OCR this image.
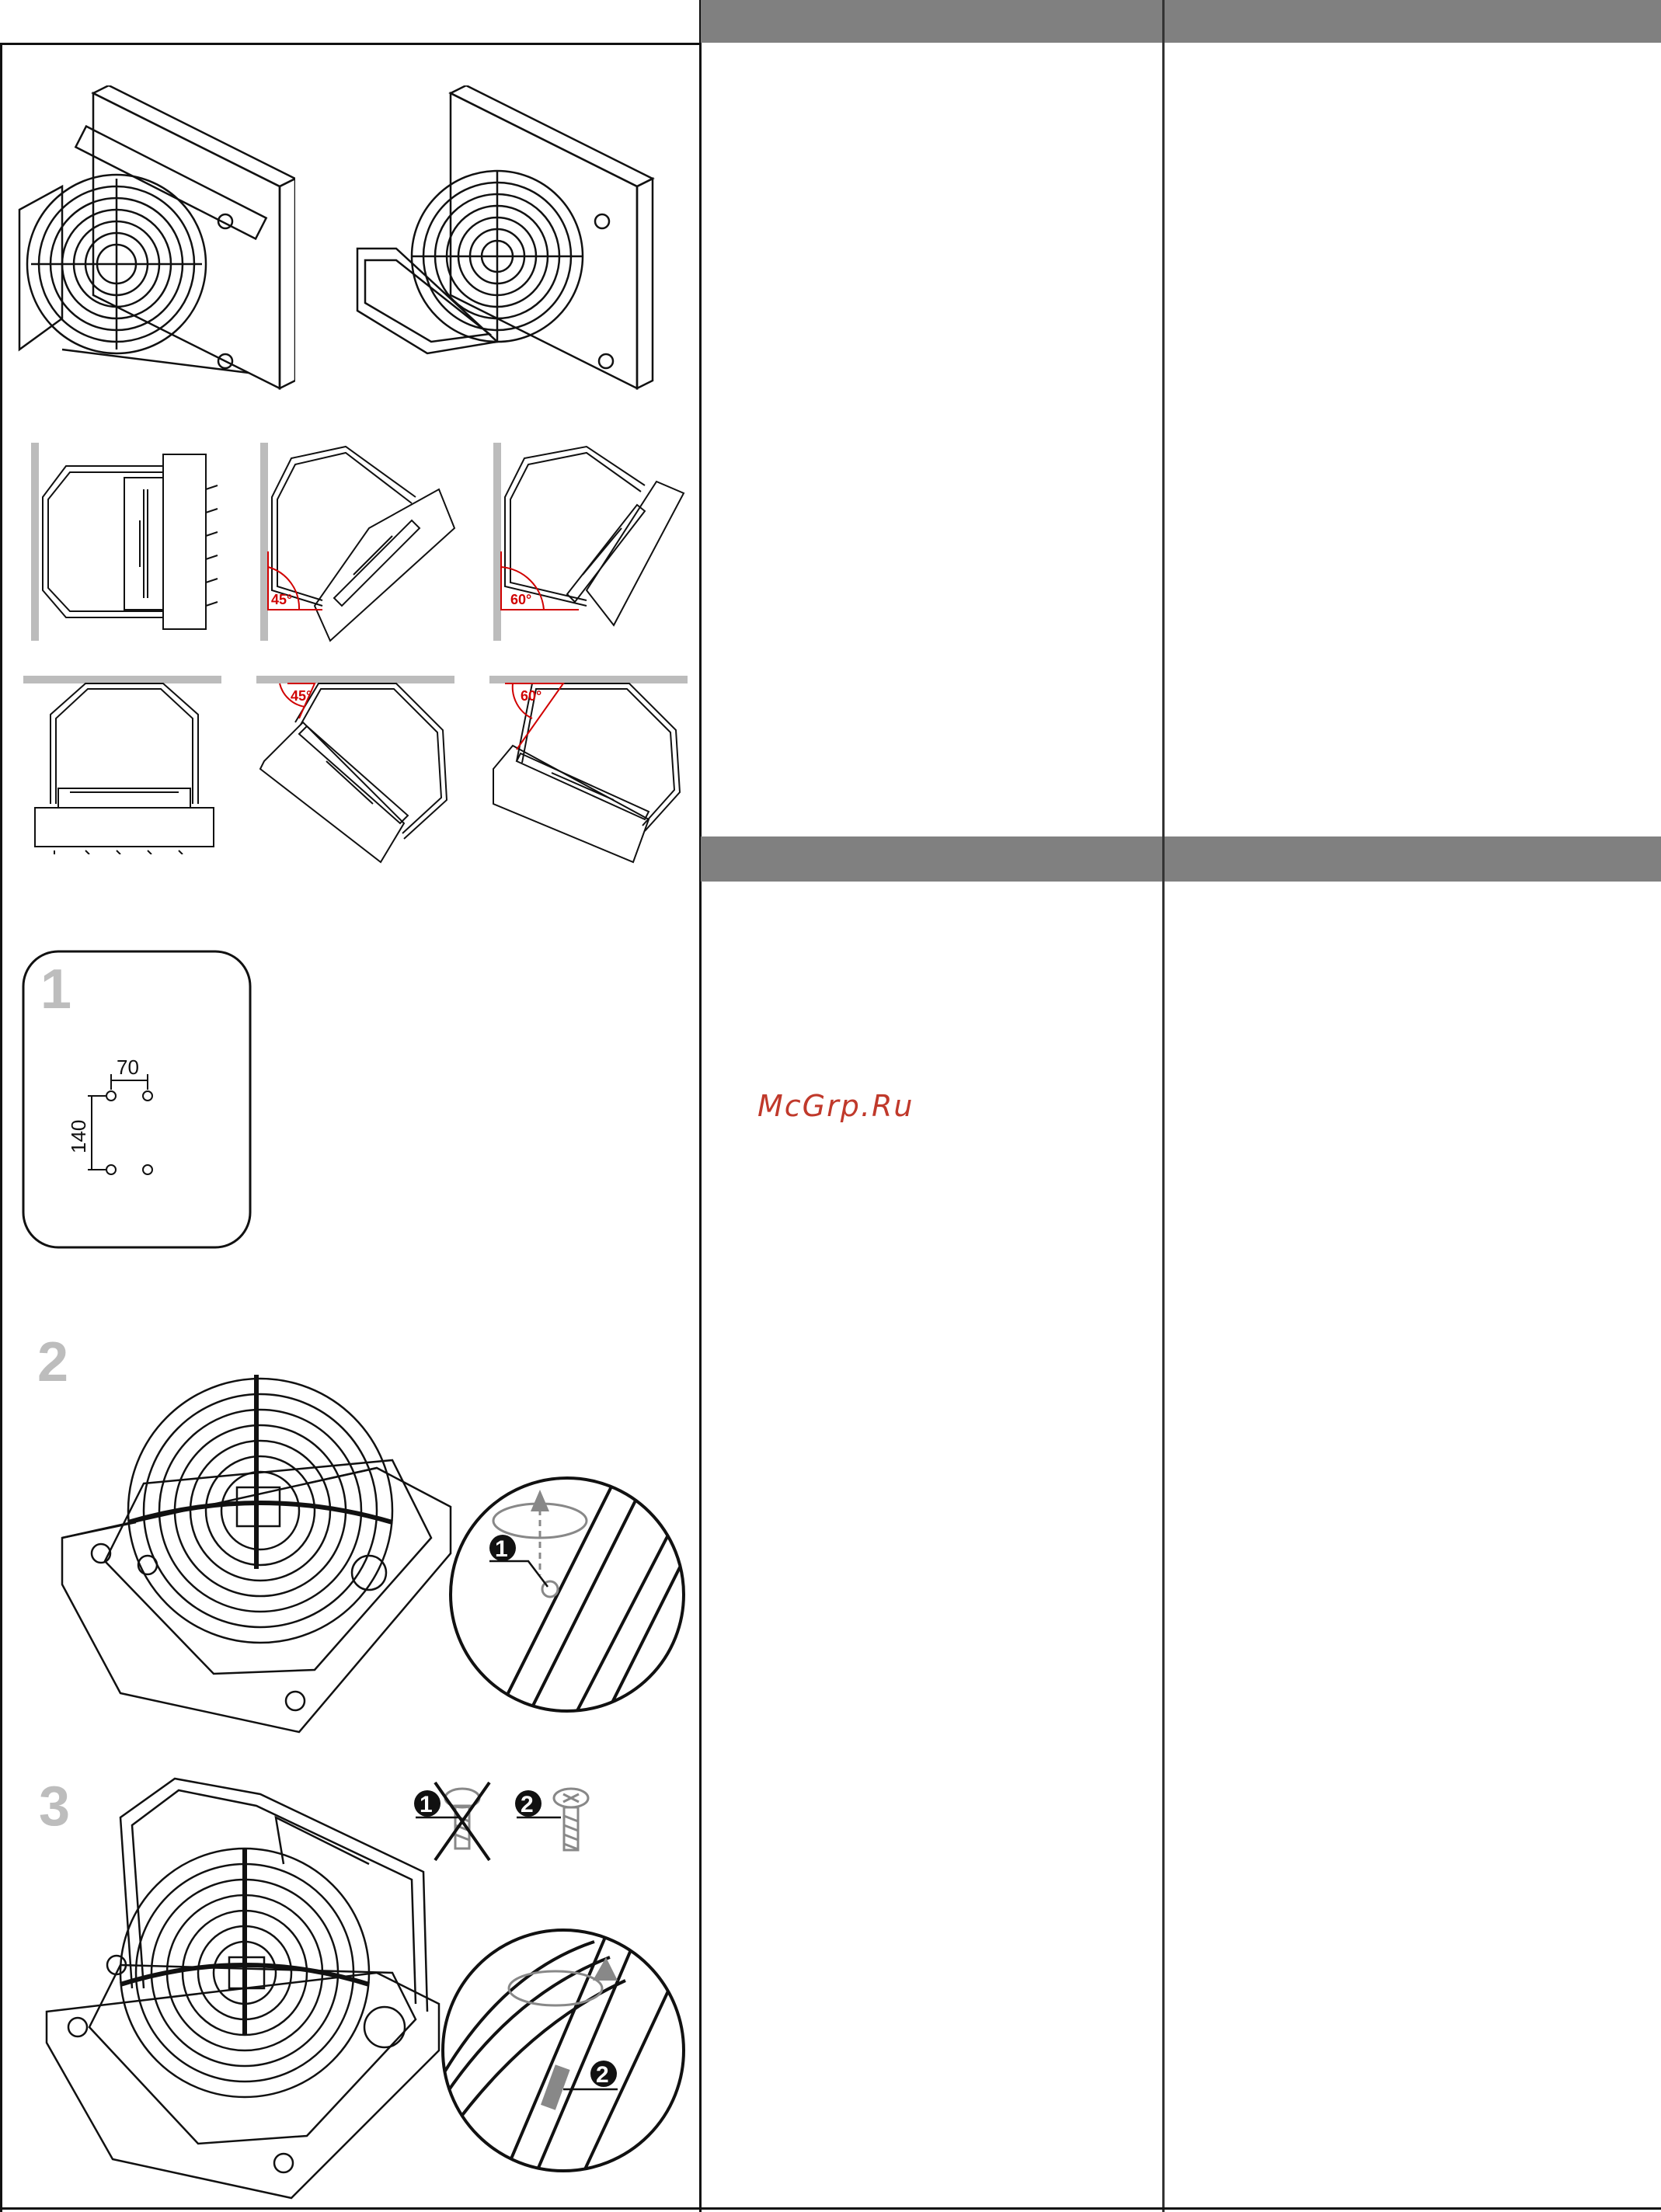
McGrp.Ru
45°	60°
45°	60°
70
140
1
2
1
3	1	2
2
